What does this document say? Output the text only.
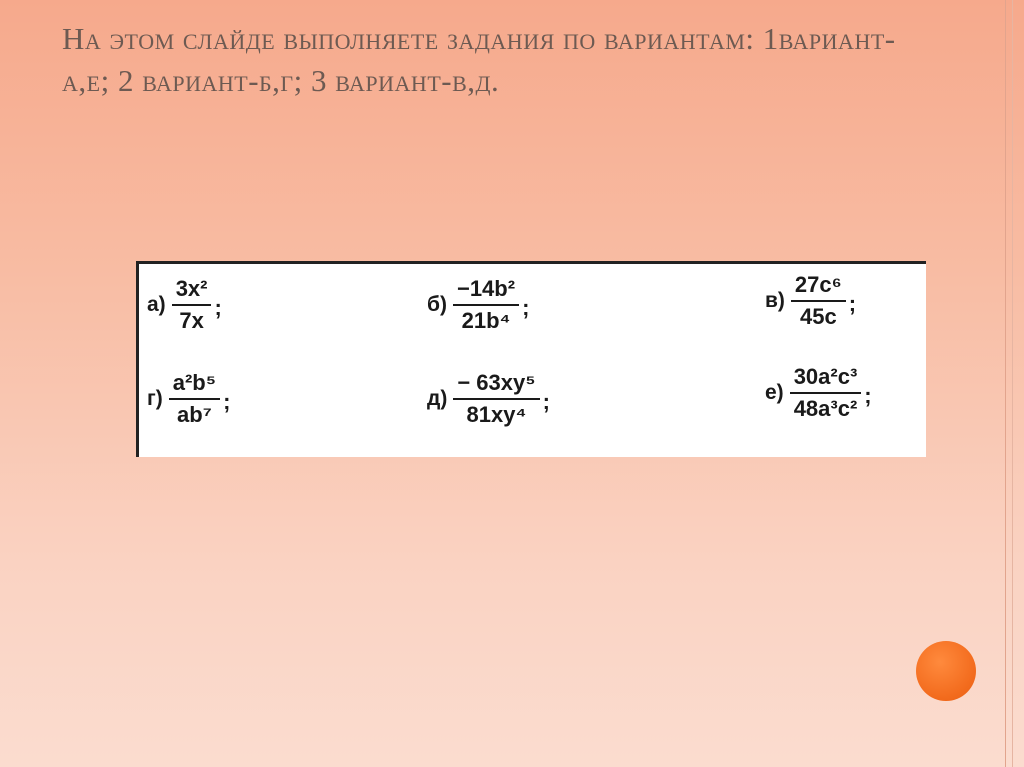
На этом слайде выполняете задания по вариантам: 1вариант-а,е; 2 вариант-б,г; 3 вариант-в,д.
$а) \frac{\text{3x²}}{7x}$ ;	$б) \frac{\text{−14b²}}{\text{21b⁴}}$ ;	$в) \frac{\text{27c⁶}}{45c}$ ;
$г) \frac{\text{a²b⁵}}{\text{ab⁷}}$ ;	$д) \frac{\text{− 63xy⁵}}{\text{81xy⁴}}$ ;	$е) \frac{\text{30a²c³}}{\text{48a³c²}}$ ;
